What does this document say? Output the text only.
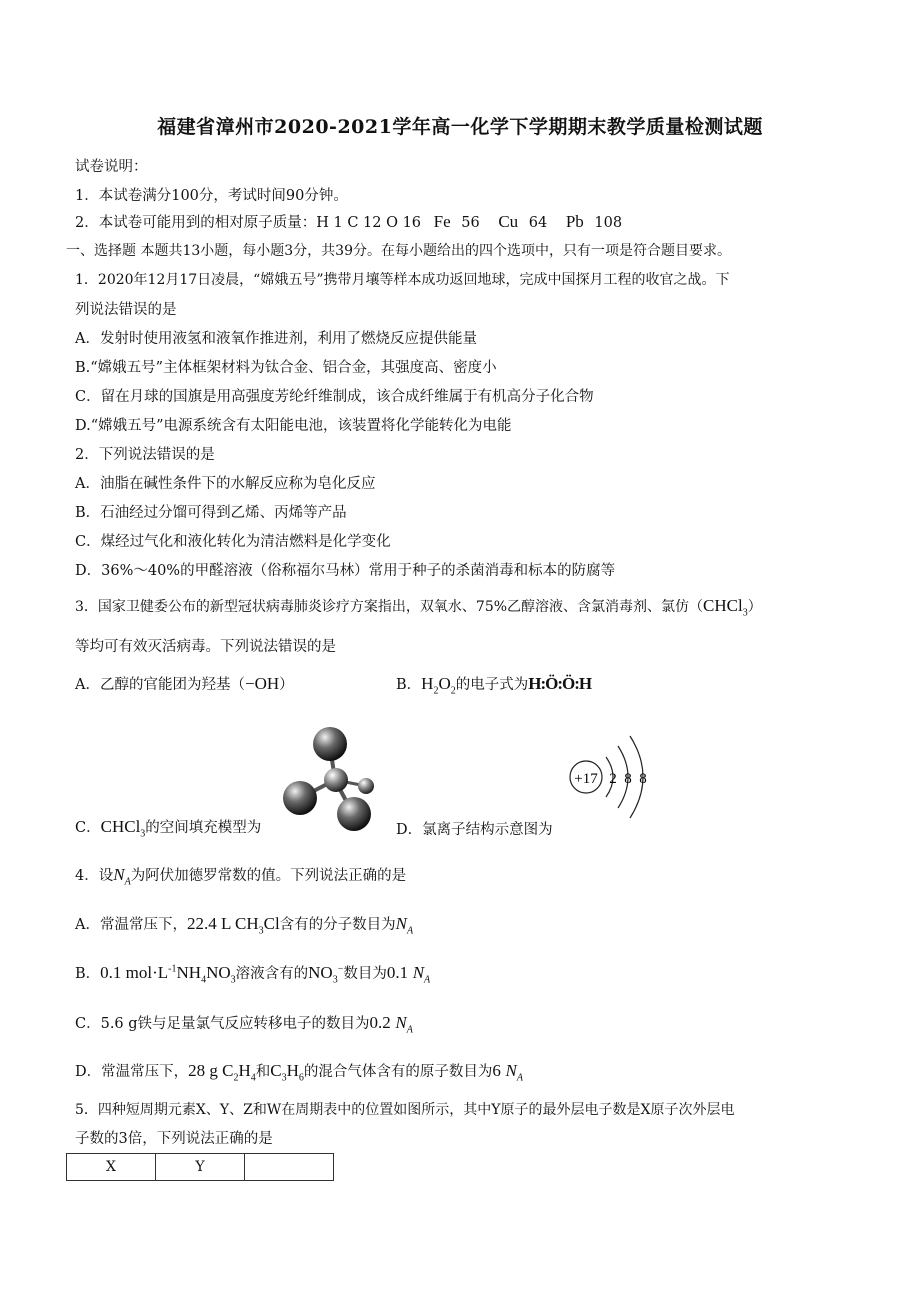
福建省漳州市2020-2021学年高一化学下学期期末教学质量检测试题
试卷说明：
1．本试卷满分100分，考试时间90分钟。
2．本试卷可能用到的相对原子质量：H 1 C 12 O 16 Fe 56 Cu 64 Pb 108
一、选择题 本题共13小题，每小题3分，共39分。在每小题给出的四个选项中，只有一项是符合题目要求。
1．2020年12月17日凌晨，“嫦娥五号”携带月壤等样本成功返回地球，完成中国探月工程的收官之战。下
列说法错误的是
A．发射时使用液氢和液氧作推进剂，利用了燃烧反应提供能量
B.“嫦娥五号”主体框架材料为钛合金、铝合金，其强度高、密度小
C．留在月球的国旗是用高强度芳纶纤维制成，该合成纤维属于有机高分子化合物
D.“嫦娥五号”电源系统含有太阳能电池，该装置将化学能转化为电能
2．下列说法错误的是
A．油脂在碱性条件下的水解反应称为皂化反应
B．石油经过分馏可得到乙烯、丙烯等产品
C．煤经过气化和液化转化为清洁燃料是化学变化
D．36%～40%的甲醛溶液（俗称福尔马林）常用于种子的杀菌消毒和标本的防腐等
3．国家卫健委公布的新型冠状病毒肺炎诊疗方案指出，双氧水、75%乙醇溶液、含氯消毒剂、氯仿（CHCl$_3$）
等均可有效灭活病毒。下列说法错误的是
A．乙醇的官能团为羟基（−OH）	B．$H_2O_2$的电子式为H:Ö:Ö:H
+17 2 8 8
C．CHCl$_3$的空间填充模型为	D．氯离子结构示意图为
4．设$N_A$为阿伏加德罗常数的值。下列说法正确的是
A．常温常压下，22.4 L $CH_3Cl$含有的分子数目为$N_A$
B．0.1 $mol\cdot L^{-1}NH_4NO_3$溶液含有的$NO_3^-$数目为0.1 $N_A$
C．5.6 g铁与足量氯气反应转移电子的数目为0.2 $N_A$
D．常温常压下，28 g $C_2H_4$和$C_3H_6$的混合气体含有的原子数目为6 $N_A$
5．四种短周期元素X、Y、Z和W在周期表中的位置如图所示，其中Y原子的最外层电子数是X原子次外层电
子数的3倍，下列说法正确的是
X	Y	
